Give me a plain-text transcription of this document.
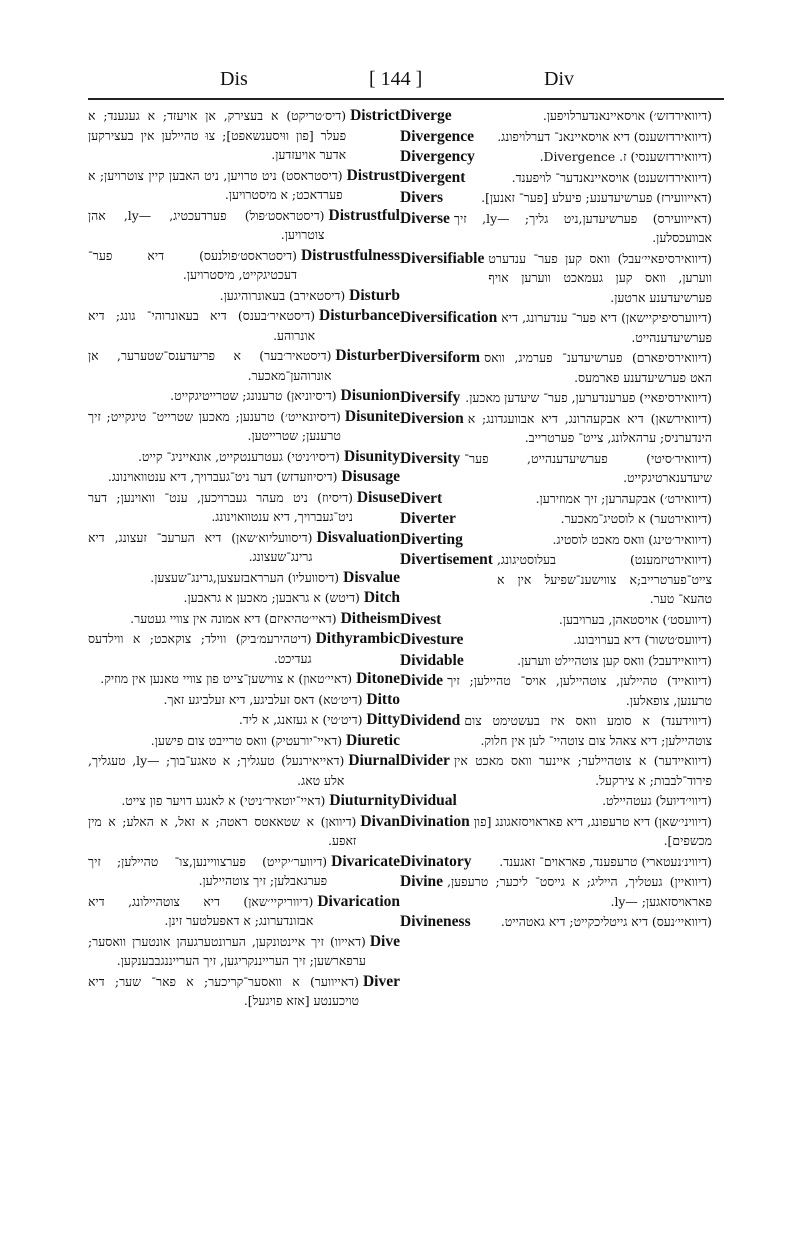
Dis	[ 144 ]	Div
District
(דיס׳טריקט) א בעצירק, אן אויעזד; א געגענד; א פעלר [פון ווּיסענשאפט]; צוּ טהיילען אין בעצירקען אדער אויעזדען.
Distrust
(דיסטראסט) ניט טרויען, ניט האבען קיין צוטרויען; א פערדאכט; א מיסטרויען.
Distrustful
(דיסטראסט׳פול) פערדעכטיג, —ly, אהן צוטרויען.
Distrustfulness
(דיסטראסט׳פולנעס) דיא פער־ דעכטיגקייט, מיסטרויען.
Disturb
(דיסטאירב) בעאונרוהיגען.
Disturbance
(דיסטאיר׳בענס) דיא בעאונרוהי־ גונג; דיא אונרוהע.
Disturber
(דיסטאיר׳בער) א פריעדענס־שטערער, אן אונרוהען־מאכער.
Disunion
(דיסיוניאן) טרענונג; שטרייטיגקייט.
Disunite
(דיסיונאייט׳) טרענען; מאכען שטרייט־ טיגקייט; זיך טרענען; שטרייטען.
Disunity
(דיסיו׳ניטי) געטרענטקייט, אונאייניג־ קייט.
Disusage
(דיסיוזעדזש) דער ניט־געברויך, דיא ענטוואוינונג.
Disuse
(דיסיוז) ניט מעהר געברויכען, ענט־ וואוינען; דער ניט־געברויך, דיא ענטוואוינונג.
Disvaluation
(דיסוועליוא׳שאן) דיא הערעב־ זעצונג, דיא גרינג־שעצונג.
Disvalue
(דיסוועליו) הערראבזעצען,גרינג־שעצען.
Ditch
(דיטש) א גראבען; מאכען א גראבען.
Ditheism
(דאיי׳טהיאיזם) דיא אמונה אין צוויי געטער.
Dithyrambic
(דיטהירעמ׳ביק) ווילד; צוקאכט; א ווילדעס געדיכט.
Ditone
(דאיי׳טאון) א צווישען־צייט פון צוויי טאנען אין מוזיק.
Ditto
(דיט׳טא) דאס זעלביגע, דיא זעלביגע זאך.
Ditty
(דיט׳טי) א געזאנג, א ליד.
Diuretic
(דאיי־יורעטיק) וואס טרייבט צום פישען.
Diurnal
(דאייאירנעל) טעגליך; א טאגע־בוך; —ly, טעגליך, אלע טאג.
Diuturnity
(דאיי־יוטאיר׳ניטי) א לאנגע דויער פון צייט.
Divan
(דיוואן) א שטאאטס ראטה; א זאל, א האלע; א מין זאפע.
Divaricate
(דיווער׳יקייט) פערצוויינען,צו־ טהיילען; זיך פערגאבלען; זיך צוטהיילען.
Divarication
(דיווריקיי׳שאן) דיא צוטהיילונג, דיא אבזונדערונג; א דאפעלטער זינן.
Dive
(דאייוו) זיך איינטונקען, הערונטערגעהן אונטערן וואסער; ערפארשען; זיך הערייננקריגען, זיך הערייננגבבענקען.
Diver
(דאייווער) א וואסער־קריכער; א פאר־ שער; דיא טויכענטע [אזא פויגעל].
Diverge	(דיוואירדזש׳) אויסאיינאנדערלויפען.
Divergence	(דיוואירדזשענס) דיא אויסאיינאנ־ דערלויפונג.
Divergency	(דיוואירדזשענסי) ז. Divergence.
Divergent	(דיוואירדזשענט) אויסאיינאנדער־ לויפענד.
Divers	(דאייוועירז) פערשיעדענע; פיעלע [פער־ זאנען].
Diverse (דאייוועירס) פערשיעדען,ניט גליך; —ly, זיך אבוועכסלען.
Diversifiable (דיוואירסיפאיי׳עבל) וואס קען פער־ ענדערט ווערען, וואס קען געמאכט ווערען אויף פערשיעדענע ארטען.
Diversification (דיווערסיפיקיישאן) דיא פער־ ענדערונג, דיא פערשיעדענהייט.
Diversiform (דיוואירסיפארם) פערשיעדענ־ פערמיג, וואס האט פערשיעדענע פארמעס.
Diversify (דיוואירסיפאיי) פערענדערען, פער־ שיעדען מאכען.
Diversion (דיוואירשאן) דיא אבקעהרונג, דיא אבוועגדונג; א הינדערניס; ערהאלונג, צייט־ פערטרייב.
Diversity (דיוואיר׳סיטי) פערשיעדענהייט, פער־ שיעדענארטיגקייט.
Divert	(דיוואירט׳) אבקעהרען; זיך אמוזירען.
Diverter	(דיוואירטער) א לוסטיג־מאכער.
Diverting	(דיוואיר׳טינג) וואס מאכט לוסטיג.
Divertisement (דיוואירטיזמענט) בעלוסטיגונג, צייט־פערטרייב;א צווישענ־שפיעל אין א טהעא־ טער.
Divest	(דיוועסט׳) אויסטאהן, בערויבען.
Divesture	(דיוועס׳טשור) דיא בערויבונג.
Dividable	(דיוואיידעבל) וואס קען צוטהיילט ווערען.
Divide (דיוואייד) טהיילען, צוטהיילען, אויס־ טהיילען; זיך טרענען, צופאלען.
Dividend (דיווידענד) א סומע וואס איז בעשטימט צום צוטהיילען; דיא צאהל צום צוטהיי־ לען אין חלוק.
Divider (דיוואיידער) א צוטהיילער; איינער וואס מאכט אין פירוד־לבבות; א צירקעל.
Dividual	(דיווי׳דיועל) געטהיילט.
Divination (דיוויני׳שאן) דיא טרעפונג, דיא פאראויסזאגונג [פון מכשפים].
Divinatory	(דיווינ׳נעטארי) טרעפענד, פאראוים־ זאגענד.
Divine (דיוואיין) געטליך, הייליג; א גייסט־ ליכער; טרעפען, פאראויסזאגען; —ly.
Divineness	(דיוואיי׳נעס) דיא גייטליכקייט; דיא גאטהייט.
